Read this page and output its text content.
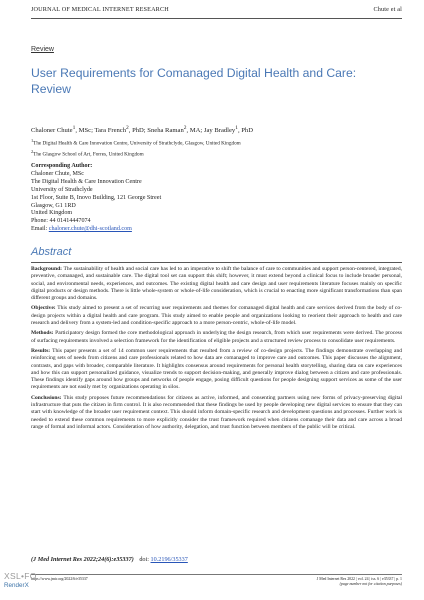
JOURNAL OF MEDICAL INTERNET RESEARCH	Chute et al
Review
User Requirements for Comanaged Digital Health and Care: Review
Chaloner Chute$^1$, MSc; Tara French$^2$, PhD; Sneha Raman$^2$, MA; Jay Bradley$^1$, PhD
$^1$The Digital Health & Care Innovation Centre, University of Strathclyde, Glasgow, United Kingdom
$^2$The Glasgow School of Art, Forres, United Kingdom
Corresponding Author:
Chaloner Chute, MSc
The Digital Health & Care Innovation Centre
University of Strathclyde
1st Floor, Suite B, Inovo Building, 121 George Street
Glasgow, G1 1RD
United Kingdom
Phone: 44 01414447074
Email: chaloner.chute@dhi-scotland.com
Abstract

Background: The sustainability of health and social care has led to an imperative to shift the balance of care to communities and support person-centered, integrated, preventive, comanaged, and sustainable care. The digital tool set can support this shift; however, it must extend beyond a clinical focus to include broader personal, social, and environmental needs, experiences, and outcomes. The existing digital health and care design and user requirements literature focuses mainly on specific digital products or design methods. There is little whole-system or whole-of-life consideration, which is crucial to enacting more significant transformations than span different groups and domains.

Objective: This study aimed to present a set of recurring user requirements and themes for comanaged digital health and care services derived from the body of co-design projects within a digital health and care program. This study aimed to enable people and organizations looking to reorient their approach to health and care research and delivery from a system-led and condition-specific approach to a more person-centric, whole-of-life model.

Methods: Participatory design formed the core methodological approach in underlying the design research, from which user requirements were derived. The process of surfacing requirements involved a selection framework for the identification of eligible projects and a structured review process to consolidate user requirements.

Results: This paper presents a set of 14 common user requirements that resulted from a review of co-design projects. The findings demonstrate overlapping and reinforcing sets of needs from citizens and care professionals related to how data are comanaged to improve care and outcomes. This paper discusses the alignment, contrasts, and gaps with broader, comparable literature. It highlights consensus around requirements for personal health storytelling, sharing data on care experiences and how this can support personalized guidance, visualize trends to support decision-making, and generally improve dialog between a citizen and care professionals. These findings identify gaps around how groups and networks of people engage, posing difficult questions for people designing support services as some of the user requirements are not easily met by organizations operating in silos.

Conclusions: This study proposes future recommendations for citizens as active, informed, and consenting partners using new forms of privacy-preserving digital infrastructure that puts the citizen in firm control. It is also recommended that these findings be used by people developing new digital services to ensure that they can start with knowledge of the broader user requirement context. This should inform domain-specific research and development questions and processes. Further work is needed to extend these common requirements to more explicitly consider the trust framework required when citizens comanage their data and care across a broad range of formal and informal actors. Consideration of how authority, delegation, and trust function between members of the public will be critical.

(J Med Internet Res 2022;24(6):e35337) doi: 10.2196/35337
https://www.jmir.org/2022/6/e35337	J Med Internet Res 2022 | vol. 24 | iss. 6 | e35337 | p. 1
(page number not for citation purposes)
XSL•FO
RenderX
